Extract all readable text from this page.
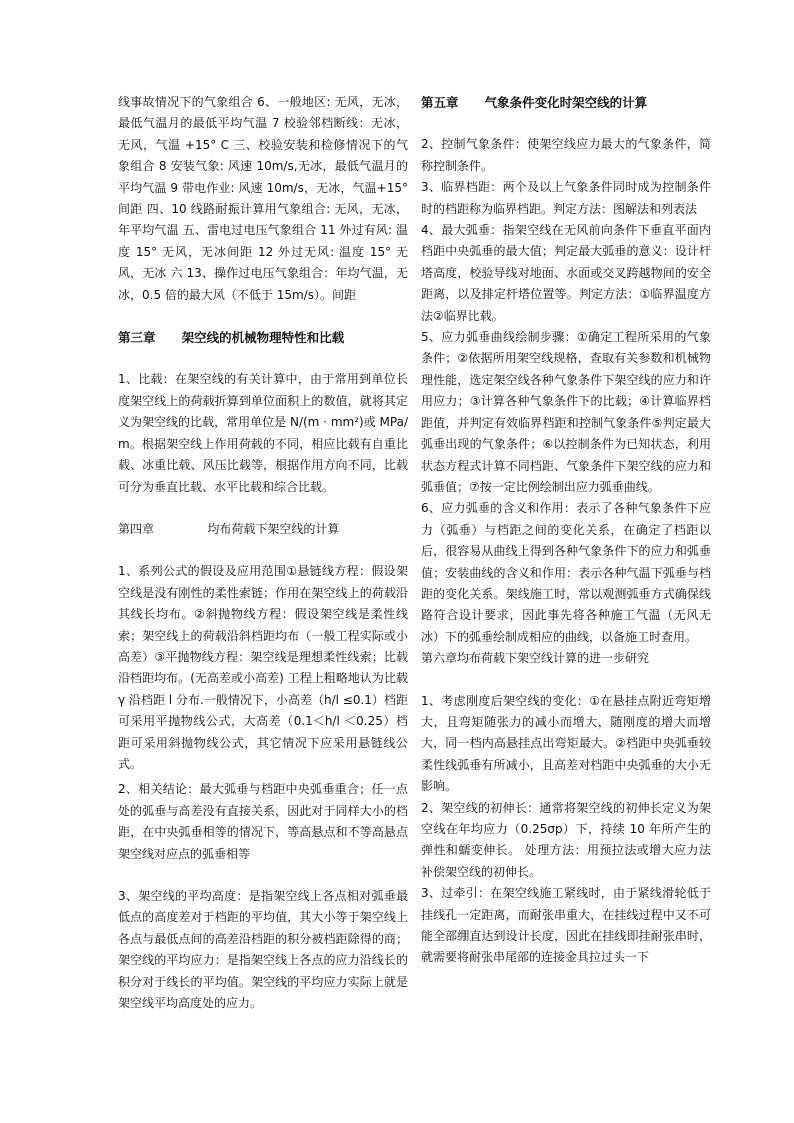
线事故情况下的气象组合 6、一般地区: 无风，无冰，最低气温月的最低平均气温 7 校验邻档断线：无冰，无风，气温 +15° C 三、校验安装和检修情况下的气象组合 8 安装气象: 风速 10m/s,无冰，最低气温月的平均气温 9 带电作业: 风速 10m/s，无冰，气温+15° 间距 四、10 线路耐振计算用气象组合: 无风，无冰，年平均气温 五、雷电过电压气象组合 11 外过有风: 温度 15° 无风，无冰间距 12 外过无风: 温度 15° 无风，无冰 六 13、操作过电压气象组合：年均气温，无冰，0.5 倍的最大风（不低于 15m/s）。间距

第三章      架空线的机械物理特性和比载

1、比载：在架空线的有关计算中，由于常用到单位长度架空线上的荷载折算到单位面积上的数值，就将其定义为架空线的比载，常用单位是 N/(m · mm²)或 MPa/m。根据架空线上作用荷载的不同，相应比载有自重比载、冰重比载、风压比载等，根据作用方向不同，比载可分为垂直比载、水平比载和综合比载。

第四章              均布荷载下架空线的计算

1、系列公式的假设及应用范围①悬链线方程：假设架空线是没有刚性的柔性索链；作用在架空线上的荷载沿其线长均布。②斜抛物线方程：假设架空线是柔性线索；架空线上的荷载沿斜档距均布（一般工程实际或小高差）③平抛物线方程：架空线是理想柔性线索；比载沿档距均布。(无高差或小高差) 工程上粗略地认为比载 γ 沿档距 l 分布.一般情况下，小高差（h/l ≤0.1）档距可采用平抛物线公式，大高差（0.1＜h/l ＜0.25）档距可采用斜抛物线公式，其它情况下应采用悬链线公式。

2、相关结论：最大弧垂与档距中央弧垂重合；任一点处的弧垂与高差没有直接关系，因此对于同样大小的档距，在中央弧垂相等的情况下，等高悬点和不等高悬点架空线对应点的弧垂相等

3、架空线的平均高度：是指架空线上各点相对弧垂最低点的高度差对于档距的平均值，其大小等于架空线上各点与最低点间的高差沿档距的积分被档距除得的商；架空线的平均应力：是指架空线上各点的应力沿线长的积分对于线长的平均值。架空线的平均应力实际上就是架空线平均高度处的应力。

第五章      气象条件变化时架空线的计算

2、控制气象条件：使架空线应力最大的气象条件，简称控制条件。

3、临界档距：两个及以上气象条件同时成为控制条件时的档距称为临界档距。判定方法：图解法和列表法

4、最大弧垂：指架空线在无风前向条件下垂直平面内档距中央弧垂的最大值；判定最大弧垂的意义：设计杆塔高度，校验导线对地面、水面或交叉跨越物间的安全距离，以及排定杆塔位置等。判定方法：①临界温度方法②临界比载。

5、应力弧垂曲线绘制步骤：①确定工程所采用的气象条件；②依据所用架空线规格，查取有关参数和机械物理性能，选定架空线各种气象条件下架空线的应力和许用应力；③计算各种气象条件下的比载；④计算临界档距值，并判定有效临界档距和控制气象条件⑤判定最大弧垂出现的气象条件；⑥以控制条件为已知状态，利用状态方程式计算不同档距、气象条件下架空线的应力和弧垂值；⑦按一定比例绘制出应力弧垂曲线。

6、应力弧垂的含义和作用：表示了各种气象条件下应力（弧垂）与档距之间的变化关系，在确定了档距以后，很容易从曲线上得到各种气象条件下的应力和弧垂值；安装曲线的含义和作用：表示各种气温下弧垂与档距的变化关系。架线施工时，常以观测弧垂方式确保线路符合设计要求，因此事先将各种施工气温（无风无冰）下的弧垂绘制成相应的曲线，以备施工时查用。

第六章均布荷载下架空线计算的进一步研究

1、考虑刚度后架空线的变化：①在悬挂点附近弯矩增大，且弯矩随张力的减小而增大，随刚度的增大而增大，同一档内高悬挂点出弯矩最大。②档距中央弧垂较柔性线弧垂有所减小，且高差对档距中央弧垂的大小无影响。

2、架空线的初伸长：通常将架空线的初伸长定义为架空线在年均应力（0.25σp）下，持续 10 年所产生的弹性和蠕变伸长。 处理方法：用预拉法或增大应力法补偿架空线的初伸长。

3、过牵引：在架空线施工紧线时，由于紧线滑轮低于挂线孔一定距离，而耐张串重大，在挂线过程中又不可能全部绷直达到设计长度，因此在挂线即挂耐张串时，就需要将耐张串尾部的连接金具拉过头一下
